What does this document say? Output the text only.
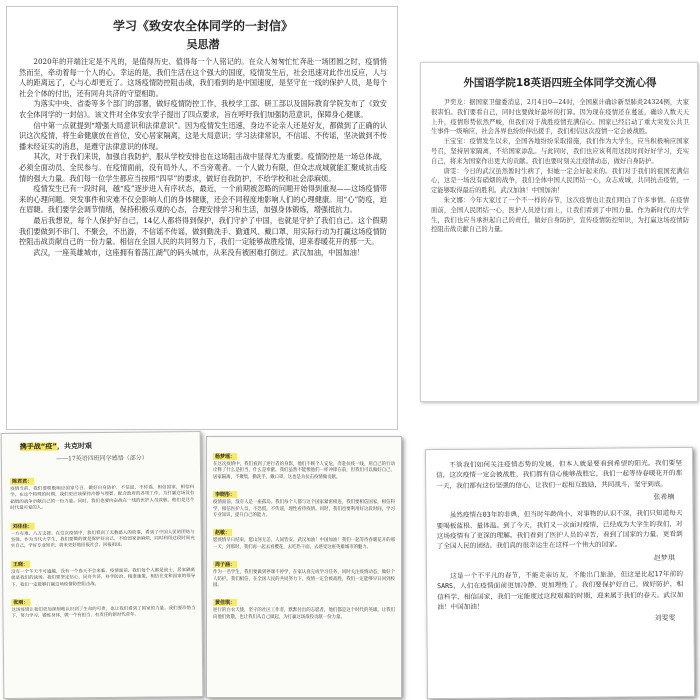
学习《致安农全体同学的一封信》
吴思潜

2020年的开端注定是不凡的，是值得历史、值得每一个人铭记的。在众人匆匆忙忙奔赴一场团圆之时，疫情悄然而至，牵动着每一个人的心。幸运的是，我们生活在这个强大的国度，疫情发生后，社会迅速对此作出反应，人与人的距离远了，心与心却更近了。这场疫情防控阻击战，我们看到的是中国速度，是坚守在一线的保护人员，是每个社会个体的付出，还有同舟共济的守望相助。

为落实中央、省委等多个部门的部署，做好疫情防控工作，我校学工部、研工部以及国际教育学院发布了《致安农全体同学的一封信》。该文件对全体安农学子提出了四点要求，旨在呼吁我们加强防范意识，保障身心健康。

信中第一点就提到“增强大局意识和法律意识”。因为疫情发生迅速，身边不论亲人还是好友，都做到了正确的认识这次疫情，将生命健康放在首位，安心居家隔离，这是大局意识；学习法律常识，不信谣、不传谣，坚决做到不传播未经证实的消息，是遵守法律意识的体现。

其次，对于我们来说，加强自我防护，服从学校安排也在这场阻击战中显得尤为重要。疫情防控是一场总体战，必须全面动员、全民参与。在疫情面前，没有局外人，不当旁观者。一个人做力有限，但众志成城就能汇聚成抗击疫情的强大力量。我们每一位学生都应当按照“四早”的要求，做好自我防护，不给学校和社会添麻烦。

疫情发生已有一段时间，越“疫”逐步进入有序状态，最近，一个前期被忽略的问题开始得到重视——这场疫情带来的心理问题。突发事件和灾难不仅会影响人们的身体健康，还会不同程度地影响人们的心理健康。用“心”防疫，迫在眉睫。我们要学会调节情绪，保持积极乐观的心态，合理安排学习和生活，加强身体锻炼，增强抵抗力。

最后我想说，每个人保护好自己，14亿人都将得到保护，我们守护了中国，也就是守护了我们自己。这个假期我们要做到不串门、不聚会，不出游，不信谣不传谣，做到勤洗手、勤通风、戴口罩，用实际行动为打赢这场疫情防控阻击战贡献自己的一份力量。相信在全国人民的共同努力下，我们一定能够战胜疫情，迎来春暖花开的那一天。

武汉，一座英雄城市，这座拥有着荡江湖气的码头城市，从来没有被困难打倒过。武汉加油，中国加油！

外国语学院18英语四班全体同学交流心得

尹奕龙：据国家卫健委消息，2月4日0—24时，全国累计确诊新型肺炎24324例，大家很害怕。我们要看自己，同时也要做好最坏的打算。因为现在疫情还在蔓延，确诊人数天天上升，疫情形势依然严峻，但我们对于战胜疫情充满信心。国家已经启动了重大突发公共卫生事件一级响应，社会各界也纷纷伸出援手，我们相信这次疫情一定会被战胜。

王宝宝：疫情发生以来，全国各地纷纷采取措施，我们作为大学生，应当积极响应国家号召，坚持居家隔离，不给国家添乱。与此同时，我们也应该利用这段时间好好学习，充实自己，将来为国家作出更大的贡献。我们也要时刻关注疫情动态，做好自身防护。

唐雯：今日的武汉虽然暂时生病了，但她一定会好起来的。我们对于我们的祖国充满信心，这是一场没有硝烟的战争，我们全体中国人民团结一心，众志成城，共同抗击疫情，一定能够取得最后的胜利。武汉加油！中国加油！

朱文娜：今年大家过了一个不一样的春节，这次疫情也让我们明白了许多事情。在疫情面前，全国人民团结一心，医护人员逆行而上，让我们看到了中国力量。作为新时代的大学生，我们也应当承担起自己的责任，做好自身防护，宣传疫情防控知识，为打赢这场疫情防控阻击战贡献自己的力量。

携手战“疫”，共克时艰
——17英语四班同学感悟（部分）
陈君君：

疫情当前，我们要积极响应国家号召，做好自身防护，不信谣、不传谣，相信国家，相信科学。在这个特殊的时期，我们更应该保持冷静与理智，配合政府的各项工作，为打赢这场没有硝烟的战争贡献自己的一份力量。同时，我们也要向奋战在一线的医护人员致敬，他们是这个时代最可爱的人。

刘佳佳：

一方有难，八方支援。在这次疫情中，我们看到了无数感人的故事，看到了中国人民的团结与坚强。作为当代大学生，我们要做的就是保护好自己，不给国家添麻烦，同时利用这段时间充实自己，学好专业知识，将来更好地回报社会，回报祖国。

王晓：

没有一个冬天不可逾越，没有一个春天不会来临。疫情面前，我们每个人都是战士，居家隔离就是我们的战场。我们要坚定信心，同舟共济，科学防治，精准施策，相信在党和国家的领导下，我们一定能够打赢这场疫情防控阻击战。

张雨：

这场疫情让我们更加深刻地认识到了生命的可贵，也让我们看到了国家的力量。我们要珍惜当下，努力学习，锻炼身体，做一个有担当、有责任的新时代青年。

杨梦瑶：

在这次疫情中，我们看到了逆行者的身影，他们不顾个人安危，奔赴抗疫一线，用自己的行动诠释了什么是担当，什么是奉献。我们虽然不能像他们一样冲锋在前，但我们可以做好自己，居家隔离，不聚集，勤洗手，戴口罩，这也是为抗击疫情做贡献。

李晓彤：

疫情面前，没有人是一座孤岛。我们每个人都与这个国家紧密相连，我们要相信国家，相信科学，相信医护人员，不恐慌，不传谣，理性看待疫情。同时，我们也要利用好这段时间，学习专业知识，提升自己的能力。

赵敏：

愿疫情早日结束，愿山河无恙，人间皆安。武汉加油！中国加油！我们一起等待春暖花开的那一天，到那时，我们再一起去看樱花，去吃热干面，去感受这座英雄城市的魅力。

周子涵：

作为一名学生，我们要做到停课不停学，在家认真完成学习任务，同时关注疫情动态，做好个人防护。我们相信，在全国人民的共同努力下，疫情一定会被战胜，我们一定能够早日回到校园。

黄佳琪：

逆行的白衣天使，坚守的社区工作者，默默付出的志愿者，他们都是这个时代的英雄。让我们向他们致敬，也让我们从自己做起，为打赢这场战役贡献一份力量。

不管我们如何关注疫情态势的发展，但本人就是要看到希望的阳光。我们要坚信，这次疫情一定会被战胜，我们都有信心能够战胜它，我们一起等待春暖花开的那一天，我们都有这份坚强的信心，让我们一起相互鼓励，共同战斗，坚守到底。

张希楠

虽然疫情在03年的非典，但当时年龄尚小，对事物的认识不深，我们只知道每天要喝板蓝根、量体温。到了今天，我们又一次面对疫情，已经成为大学生的我们，对这场疫情有了更深的理解。我们看到了医护人员的辛苦，看到了国家的力量，更看到了全国人民的团结。我们真的很幸运生在这样一个伟大的国家。

赵梦琪

这是一个不平凡的春节，不能走亲访友，不能出门旅游，但这是比起17年前的SARS，人们在疫情面前更加冷静、更加理性了。我们要保护好自己，做好防护，相信科学，相信国家，我们一定能度过这段艰难的时期，迎来属于我们的春天。武汉加油！中国加油！

刘雯雯
